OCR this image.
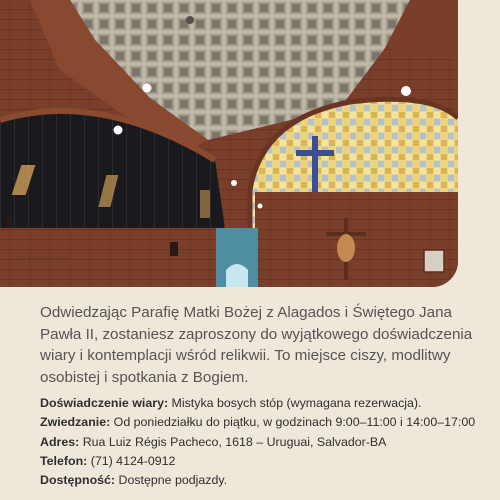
~ ~ ~ ~ ~ ~ ~

Odwiedzając Parafię Matki Bożej z Alagados i Świętego Jana Pawła II, zostaniesz zaproszony do wyjątkowego doświadczenia wiary i kontemplacji wśród relikwii. To miejsce ciszy, modlitwy osobistej i spotkania z Bogiem.

Doświadczenie wiary: Mistyka bosych stóp (wymagana rezerwacja).
Zwiedzanie: Od poniedziałku do piątku, w godzinach 9:00–11:00 i 14:00–17:00
Adres: Rua Luiz Régis Pacheco, 1618 – Uruguai, Salvador-BA
Telefon: (71) 4124-0912
Dostępność: Dostępne podjazdy.
